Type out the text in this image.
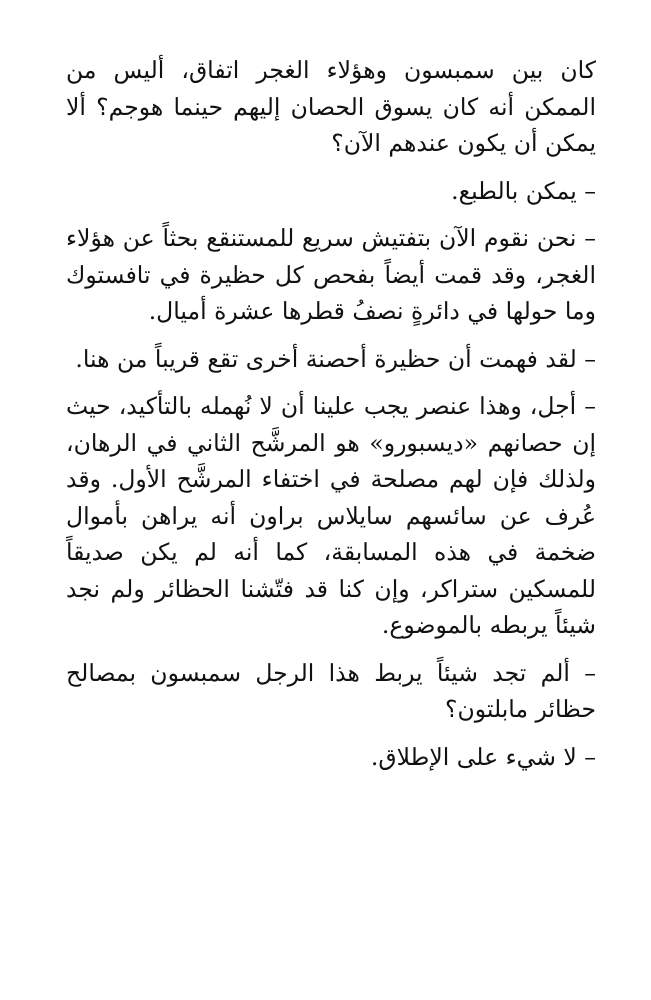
كان بين سمبسون وهؤلاء الغجر اتفاق، أليس من الممكن أنه كان يسوق الحصان إليهم حينما هوجم؟ ألا يمكن أن يكون عندهم الآن؟

– يمكن بالطبع.

– نحن نقوم الآن بتفتيش سريع للمستنقع بحثاً عن هؤلاء الغجر، وقد قمت أيضاً بفحص كل حظيرة في تافستوك وما حولها في دائرةٍ نصفُ قطرها عشرة أميال.

– لقد فهمت أن حظيرة أحصنة أخرى تقع قريباً من هنا.

– أجل، وهذا عنصر يجب علينا أن لا نُهمله بالتأكيد، حيث إن حصانهم «ديسبورو» هو المرشَّح الثاني في الرهان، ولذلك فإن لهم مصلحة في اختفاء المرشَّح الأول. وقد عُرف عن سائسهم سايلاس براون أنه يراهن بأموال ضخمة في هذه المسابقة، كما أنه لم يكن صديقاً للمسكين ستراكر، وإن كنا قد فتّشنا الحظائر ولم نجد شيئاً يربطه بالموضوع.

– ألم تجد شيئاً يربط هذا الرجل سمبسون بمصالح حظائر مابلتون؟

– لا شيء على الإطلاق.
